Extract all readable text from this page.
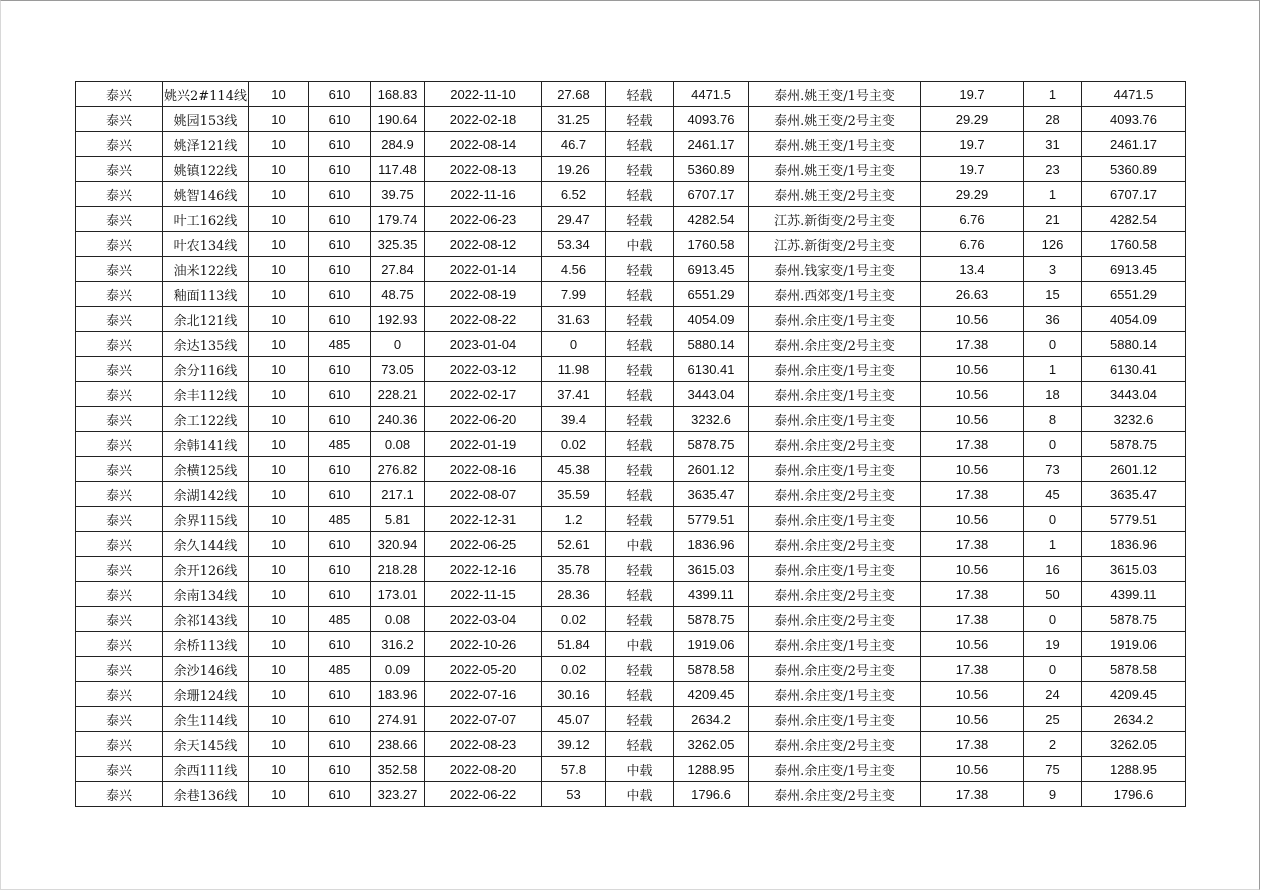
泰兴	姚兴2#114线	10	610	168.83	2022-11-10	27.68	轻载	4471.5	泰州.姚王变/1号主变	19.7	1	4471.5
泰兴	姚园153线	10	610	190.64	2022-02-18	31.25	轻载	4093.76	泰州.姚王变/2号主变	29.29	28	4093.76
泰兴	姚泽121线	10	610	284.9	2022-08-14	46.7	轻载	2461.17	泰州.姚王变/1号主变	19.7	31	2461.17
泰兴	姚镇122线	10	610	117.48	2022-08-13	19.26	轻载	5360.89	泰州.姚王变/1号主变	19.7	23	5360.89
泰兴	姚智146线	10	610	39.75	2022-11-16	6.52	轻载	6707.17	泰州.姚王变/2号主变	29.29	1	6707.17
泰兴	叶工162线	10	610	179.74	2022-06-23	29.47	轻载	4282.54	江苏.新街变/2号主变	6.76	21	4282.54
泰兴	叶农134线	10	610	325.35	2022-08-12	53.34	中载	1760.58	江苏.新街变/2号主变	6.76	126	1760.58
泰兴	油米122线	10	610	27.84	2022-01-14	4.56	轻载	6913.45	泰州.钱家变/1号主变	13.4	3	6913.45
泰兴	釉面113线	10	610	48.75	2022-08-19	7.99	轻载	6551.29	泰州.西郊变/1号主变	26.63	15	6551.29
泰兴	余北121线	10	610	192.93	2022-08-22	31.63	轻载	4054.09	泰州.余庄变/1号主变	10.56	36	4054.09
泰兴	余达135线	10	485	0	2023-01-04	0	轻载	5880.14	泰州.余庄变/2号主变	17.38	0	5880.14
泰兴	余分116线	10	610	73.05	2022-03-12	11.98	轻载	6130.41	泰州.余庄变/1号主变	10.56	1	6130.41
泰兴	余丰112线	10	610	228.21	2022-02-17	37.41	轻载	3443.04	泰州.余庄变/1号主变	10.56	18	3443.04
泰兴	余工122线	10	610	240.36	2022-06-20	39.4	轻载	3232.6	泰州.余庄变/1号主变	10.56	8	3232.6
泰兴	余韩141线	10	485	0.08	2022-01-19	0.02	轻载	5878.75	泰州.余庄变/2号主变	17.38	0	5878.75
泰兴	余横125线	10	610	276.82	2022-08-16	45.38	轻载	2601.12	泰州.余庄变/1号主变	10.56	73	2601.12
泰兴	余湖142线	10	610	217.1	2022-08-07	35.59	轻载	3635.47	泰州.余庄变/2号主变	17.38	45	3635.47
泰兴	余界115线	10	485	5.81	2022-12-31	1.2	轻载	5779.51	泰州.余庄变/1号主变	10.56	0	5779.51
泰兴	余久144线	10	610	320.94	2022-06-25	52.61	中载	1836.96	泰州.余庄变/2号主变	17.38	1	1836.96
泰兴	余开126线	10	610	218.28	2022-12-16	35.78	轻载	3615.03	泰州.余庄变/1号主变	10.56	16	3615.03
泰兴	余南134线	10	610	173.01	2022-11-15	28.36	轻载	4399.11	泰州.余庄变/2号主变	17.38	50	4399.11
泰兴	余祁143线	10	485	0.08	2022-03-04	0.02	轻载	5878.75	泰州.余庄变/2号主变	17.38	0	5878.75
泰兴	余桥113线	10	610	316.2	2022-10-26	51.84	中载	1919.06	泰州.余庄变/1号主变	10.56	19	1919.06
泰兴	余沙146线	10	485	0.09	2022-05-20	0.02	轻载	5878.58	泰州.余庄变/2号主变	17.38	0	5878.58
泰兴	余珊124线	10	610	183.96	2022-07-16	30.16	轻载	4209.45	泰州.余庄变/1号主变	10.56	24	4209.45
泰兴	余生114线	10	610	274.91	2022-07-07	45.07	轻载	2634.2	泰州.余庄变/1号主变	10.56	25	2634.2
泰兴	余天145线	10	610	238.66	2022-08-23	39.12	轻载	3262.05	泰州.余庄变/2号主变	17.38	2	3262.05
泰兴	余西111线	10	610	352.58	2022-08-20	57.8	中载	1288.95	泰州.余庄变/1号主变	10.56	75	1288.95
泰兴	余巷136线	10	610	323.27	2022-06-22	53	中载	1796.6	泰州.余庄变/2号主变	17.38	9	1796.6
